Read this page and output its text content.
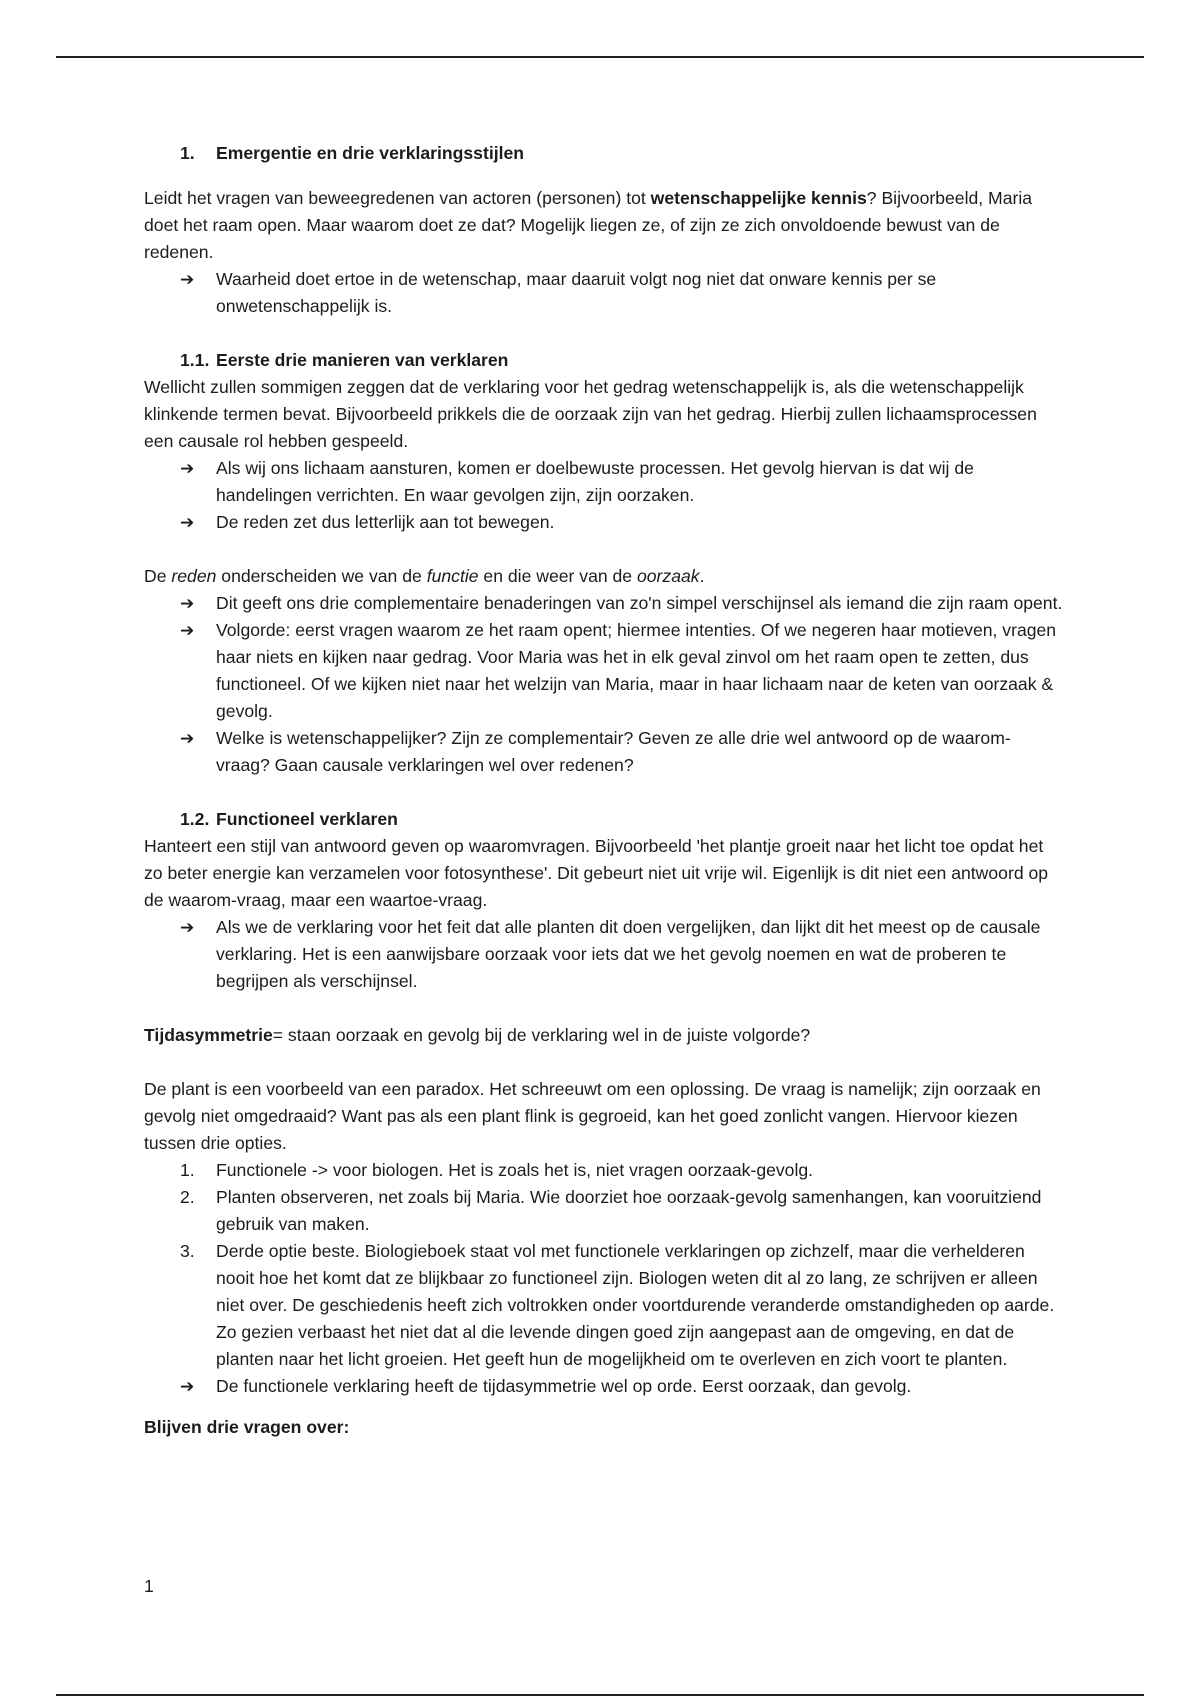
1. Emergentie en drie verklaringsstijlen

Leidt het vragen van beweegredenen van actoren (personen) tot wetenschappelijke kennis? Bijvoorbeeld, Maria doet het raam open. Maar waarom doet ze dat? Mogelijk liegen ze, of zijn ze zich onvoldoende bewust van de redenen.

➔ Waarheid doet ertoe in de wetenschap, maar daaruit volgt nog niet dat onware kennis per se onwetenschappelijk is.

1.1. Eerste drie manieren van verklaren

Wellicht zullen sommigen zeggen dat de verklaring voor het gedrag wetenschappelijk is, als die wetenschappelijk klinkende termen bevat. Bijvoorbeeld prikkels die de oorzaak zijn van het gedrag. Hierbij zullen lichaamsprocessen een causale rol hebben gespeeld.

➔ Als wij ons lichaam aansturen, komen er doelbewuste processen. Het gevolg hiervan is dat wij de handelingen verrichten. En waar gevolgen zijn, zijn oorzaken.

➔ De reden zet dus letterlijk aan tot bewegen.

De reden onderscheiden we van de functie en die weer van de oorzaak.

➔ Dit geeft ons drie complementaire benaderingen van zo'n simpel verschijnsel als iemand die zijn raam opent.

➔ Volgorde: eerst vragen waarom ze het raam opent; hiermee intenties. Of we negeren haar motieven, vragen haar niets en kijken naar gedrag. Voor Maria was het in elk geval zinvol om het raam open te zetten, dus functioneel. Of we kijken niet naar het welzijn van Maria, maar in haar lichaam naar de keten van oorzaak & gevolg.

➔ Welke is wetenschappelijker? Zijn ze complementair? Geven ze alle drie wel antwoord op de waarom-vraag? Gaan causale verklaringen wel over redenen?

1.2. Functioneel verklaren

Hanteert een stijl van antwoord geven op waaromvragen. Bijvoorbeeld 'het plantje groeit naar het licht toe opdat het zo beter energie kan verzamelen voor fotosynthese'. Dit gebeurt niet uit vrije wil. Eigenlijk is dit niet een antwoord op de waarom-vraag, maar een waartoe-vraag.

➔ Als we de verklaring voor het feit dat alle planten dit doen vergelijken, dan lijkt dit het meest op de causale verklaring. Het is een aanwijsbare oorzaak voor iets dat we het gevolg noemen en wat de proberen te begrijpen als verschijnsel.

Tijdasymmetrie= staan oorzaak en gevolg bij de verklaring wel in de juiste volgorde?

De plant is een voorbeeld van een paradox. Het schreeuwt om een oplossing. De vraag is namelijk; zijn oorzaak en gevolg niet omgedraaid? Want pas als een plant flink is gegroeid, kan het goed zonlicht vangen. Hiervoor kiezen tussen drie opties.

1. Functionele -> voor biologen. Het is zoals het is, niet vragen oorzaak-gevolg.

2. Planten observeren, net zoals bij Maria. Wie doorziet hoe oorzaak-gevolg samenhangen, kan vooruitziend gebruik van maken.

3. Derde optie beste. Biologieboek staat vol met functionele verklaringen op zichzelf, maar die verhelderen nooit hoe het komt dat ze blijkbaar zo functioneel zijn. Biologen weten dit al zo lang, ze schrijven er alleen niet over. De geschiedenis heeft zich voltrokken onder voortdurende veranderde omstandigheden op aarde. Zo gezien verbaast het niet dat al die levende dingen goed zijn aangepast aan de omgeving, en dat de planten naar het licht groeien. Het geeft hun de mogelijkheid om te overleven en zich voort te planten.

➔ De functionele verklaring heeft de tijdasymmetrie wel op orde. Eerst oorzaak, dan gevolg.

Blijven drie vragen over:

1
